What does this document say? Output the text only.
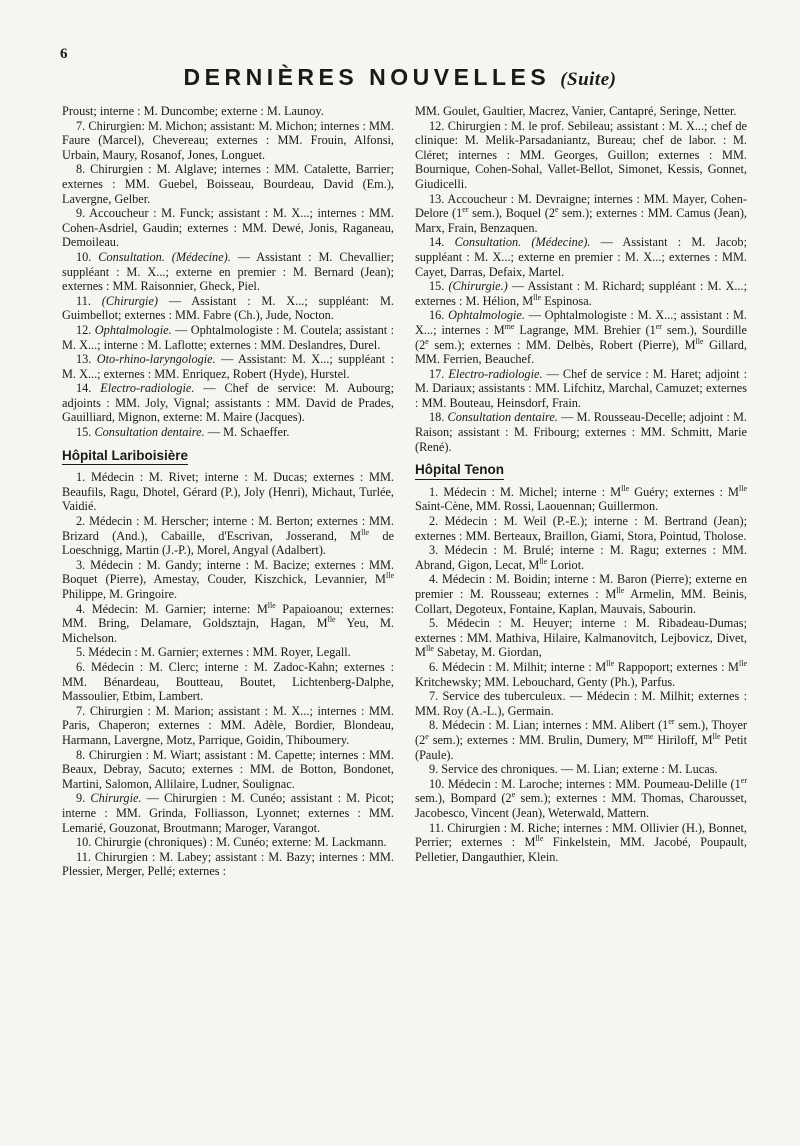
6
DERNIÈRES NOUVELLES (Suite)

Proust; interne : M. Duncombe; externe : M. Launoy.

7. Chirurgien: M. Michon; assistant: M. Michon; internes : MM. Faure (Marcel), Chevereau; externes : MM. Frouin, Alfonsi, Urbain, Maury, Rosanof, Jones, Longuet.

8. Chirurgien : M. Alglave; internes : MM. Catalette, Barrier; externes : MM. Guebel, Boisseau, Bourdeau, David (Em.), Lavergne, Gelber.

9. Accoucheur : M. Funck; assistant : M. X...; internes : MM. Cohen-Asdriel, Gaudin; externes : MM. Dewé, Jonis, Raganeau, Demoileau.

10. Consultation. (Médecine). — Assistant : M. Chevallier; suppléant : M. X...; externe en premier : M. Bernard (Jean); externes : MM. Raisonnier, Gheck, Piel.

11. (Chirurgie) — Assistant : M. X...; suppléant: M. Guimbellot; externes : MM. Fabre (Ch.), Jude, Nocton.

12. Ophtalmologie. — Ophtalmologiste : M. Coutela; assistant : M. X...; interne : M. Laflotte; externes : MM. Deslandres, Durel.

13. Oto-rhino-laryngologie. — Assistant: M. X...; suppléant : M. X...; externes : MM. Enriquez, Robert (Hyde), Hurstel.

14. Electro-radiologie. — Chef de service: M. Aubourg; adjoints : MM. Joly, Vignal; assistants : MM. David de Prades, Gauilliard, Mignon, externe: M. Maire (Jacques).

15. Consultation dentaire. — M. Schaeffer.

Hôpital Lariboisière

1. Médecin : M. Rivet; interne : M. Ducas; externes : MM. Beaufils, Ragu, Dhotel, Gérard (P.), Joly (Henri), Michaut, Turlée, Vaidié.

2. Médecin : M. Herscher; interne : M. Berton; externes : MM. Brizard (And.), Cabaille, d'Escrivan, Josserand, $M^{lle}$ de Loeschnigg, Martin (J.-P.), Morel, Angyal (Adalbert).

3. Médecin : M. Gandy; interne : M. Bacize; externes : MM. Boquet (Pierre), Amestay, Couder, Kiszchick, Levannier, $M^{lle}$ Philippe, M. Gringoire.

4. Médecin: M. Garnier; interne: $M^{lle}$ Papaioanou; externes: MM. Bring, Delamare, Goldsztajn, Hagan, $M^{lle}$ Yeu, M. Michelson.

5. Médecin : M. Garnier; externes : MM. Royer, Legall.

6. Médecin : M. Clerc; interne : M. Zadoc-Kahn; externes : MM. Bénardeau, Boutteau, Boutet, Lichtenberg-Dalphe, Massoulier, Etbim, Lambert.

7. Chirurgien : M. Marion; assistant : M. X...; internes : MM. Paris, Chaperon; externes : MM. Adèle, Bordier, Blondeau, Harmann, Lavergne, Motz, Parrique, Goidin, Thiboumery.

8. Chirurgien : M. Wiart; assistant : M. Capette; internes : MM. Beaux, Debray, Sacuto; externes : MM. de Botton, Bondonet, Martini, Salomon, Allilaire, Ludner, Soulignac.

9. Chirurgie. — Chirurgien : M. Cunéo; assistant : M. Picot; interne : MM. Grinda, Folliasson, Lyonnet; externes : MM. Lemarié, Gouzonat, Broutmann; Maroger, Varangot.

10. Chirurgie (chroniques) : M. Cunéo; externe: M. Lackmann.

11. Chirurgien : M. Labey; assistant : M. Bazy; internes : MM. Plessier, Merger, Pellé; externes :

MM. Goulet, Gaultier, Macrez, Vanier, Cantapré, Seringe, Netter.

12. Chirurgien : M. le prof. Sebileau; assistant : M. X...; chef de clinique: M. Melik-Parsadaniantz, Bureau; chef de labor. : M. Cléret; internes : MM. Georges, Guillon; externes : MM. Bournique, Cohen-Sohal, Vallet-Bellot, Simonet, Kessis, Gonnet, Giudicelli.

13. Accoucheur : M. Devraigne; internes : MM. Mayer, Cohen-Delore (1er sem.), Boquel (2e sem.); externes : MM. Camus (Jean), Marx, Frain, Benzaquen.

14. Consultation. (Médecine). — Assistant : M. Jacob; suppléant : M. X...; externe en premier : M. X...; externes : MM. Cayet, Darras, Defaix, Martel.

15. (Chirurgie.) — Assistant : M. Richard; suppléant : M. X...; externes : M. Hélion, $M^{lle}$ Espinosa.

16. Ophtalmologie. — Ophtalmologiste : M. X...; assistant : M. X...; internes : $M^{me}$ Lagrange, MM. Brehier (1er sem.), Sourdille (2e sem.); externes : MM. Delbès, Robert (Pierre), $M^{lle}$ Gillard, MM. Ferrien, Beauchef.

17. Electro-radiologie. — Chef de service : M. Haret; adjoint : M. Dariaux; assistants : MM. Lifchitz, Marchal, Camuzet; externes : MM. Bouteau, Heinsdorf, Frain.

18. Consultation dentaire. — M. Rousseau-Decelle; adjoint : M. Raison; assistant : M. Fribourg; externes : MM. Schmitt, Marie (René).

Hôpital Tenon

1. Médecin : M. Michel; interne : $M^{lle}$ Guéry; externes : $M^{lle}$ Saint-Cène, MM. Rossi, Laouennan; Guillermon.

2. Médecin : M. Weil (P.-E.); interne : M. Bertrand (Jean); externes : MM. Berteaux, Braillon, Giami, Stora, Pointud, Tholose.

3. Médecin : M. Brulé; interne : M. Ragu; externes : MM. Abrand, Gigon, Lecat, $M^{lle}$ Loriot.

4. Médecin : M. Boidin; interne : M. Baron (Pierre); externe en premier : M. Rousseau; externes : $M^{lle}$ Armelin, MM. Beinis, Collart, Degoteux, Fontaine, Kaplan, Mauvais, Sabourin.

5. Médecin : M. Heuyer; interne : M. Ribadeau-Dumas; externes : MM. Mathiva, Hilaire, Kalmanovitch, Lejbovicz, Divet, $M^{lle}$ Sabetay, M. Giordan,

6. Médecin : M. Milhit; interne : $M^{lle}$ Rappoport; externes : $M^{lle}$ Kritchewsky; MM. Lebouchard, Genty (Ph.), Parfus.

7. Service des tuberculeux. — Médecin : M. Milhit; externes : MM. Roy (A.-L.), Germain.

8. Médecin : M. Lian; internes : MM. Alibert (1er sem.), Thoyer (2e sem.); externes : MM. Brulin, Dumery, $M^{me}$ Hiriloff, $M^{lle}$ Petit (Paule).

9. Service des chroniques. — M. Lian; externe : M. Lucas.

10. Médecin : M. Laroche; internes : MM. Poumeau-Delille (1er sem.), Bompard (2e sem.); externes : MM. Thomas, Charousset, Jacobesco, Vincent (Jean), Weterwald, Mattern.

11. Chirurgien : M. Riche; internes : MM. Ollivier (H.), Bonnet, Perrier; externes : $M^{lle}$ Finkelstein, MM. Jacobé, Poupault, Pelletier, Dangauthier, Klein.
